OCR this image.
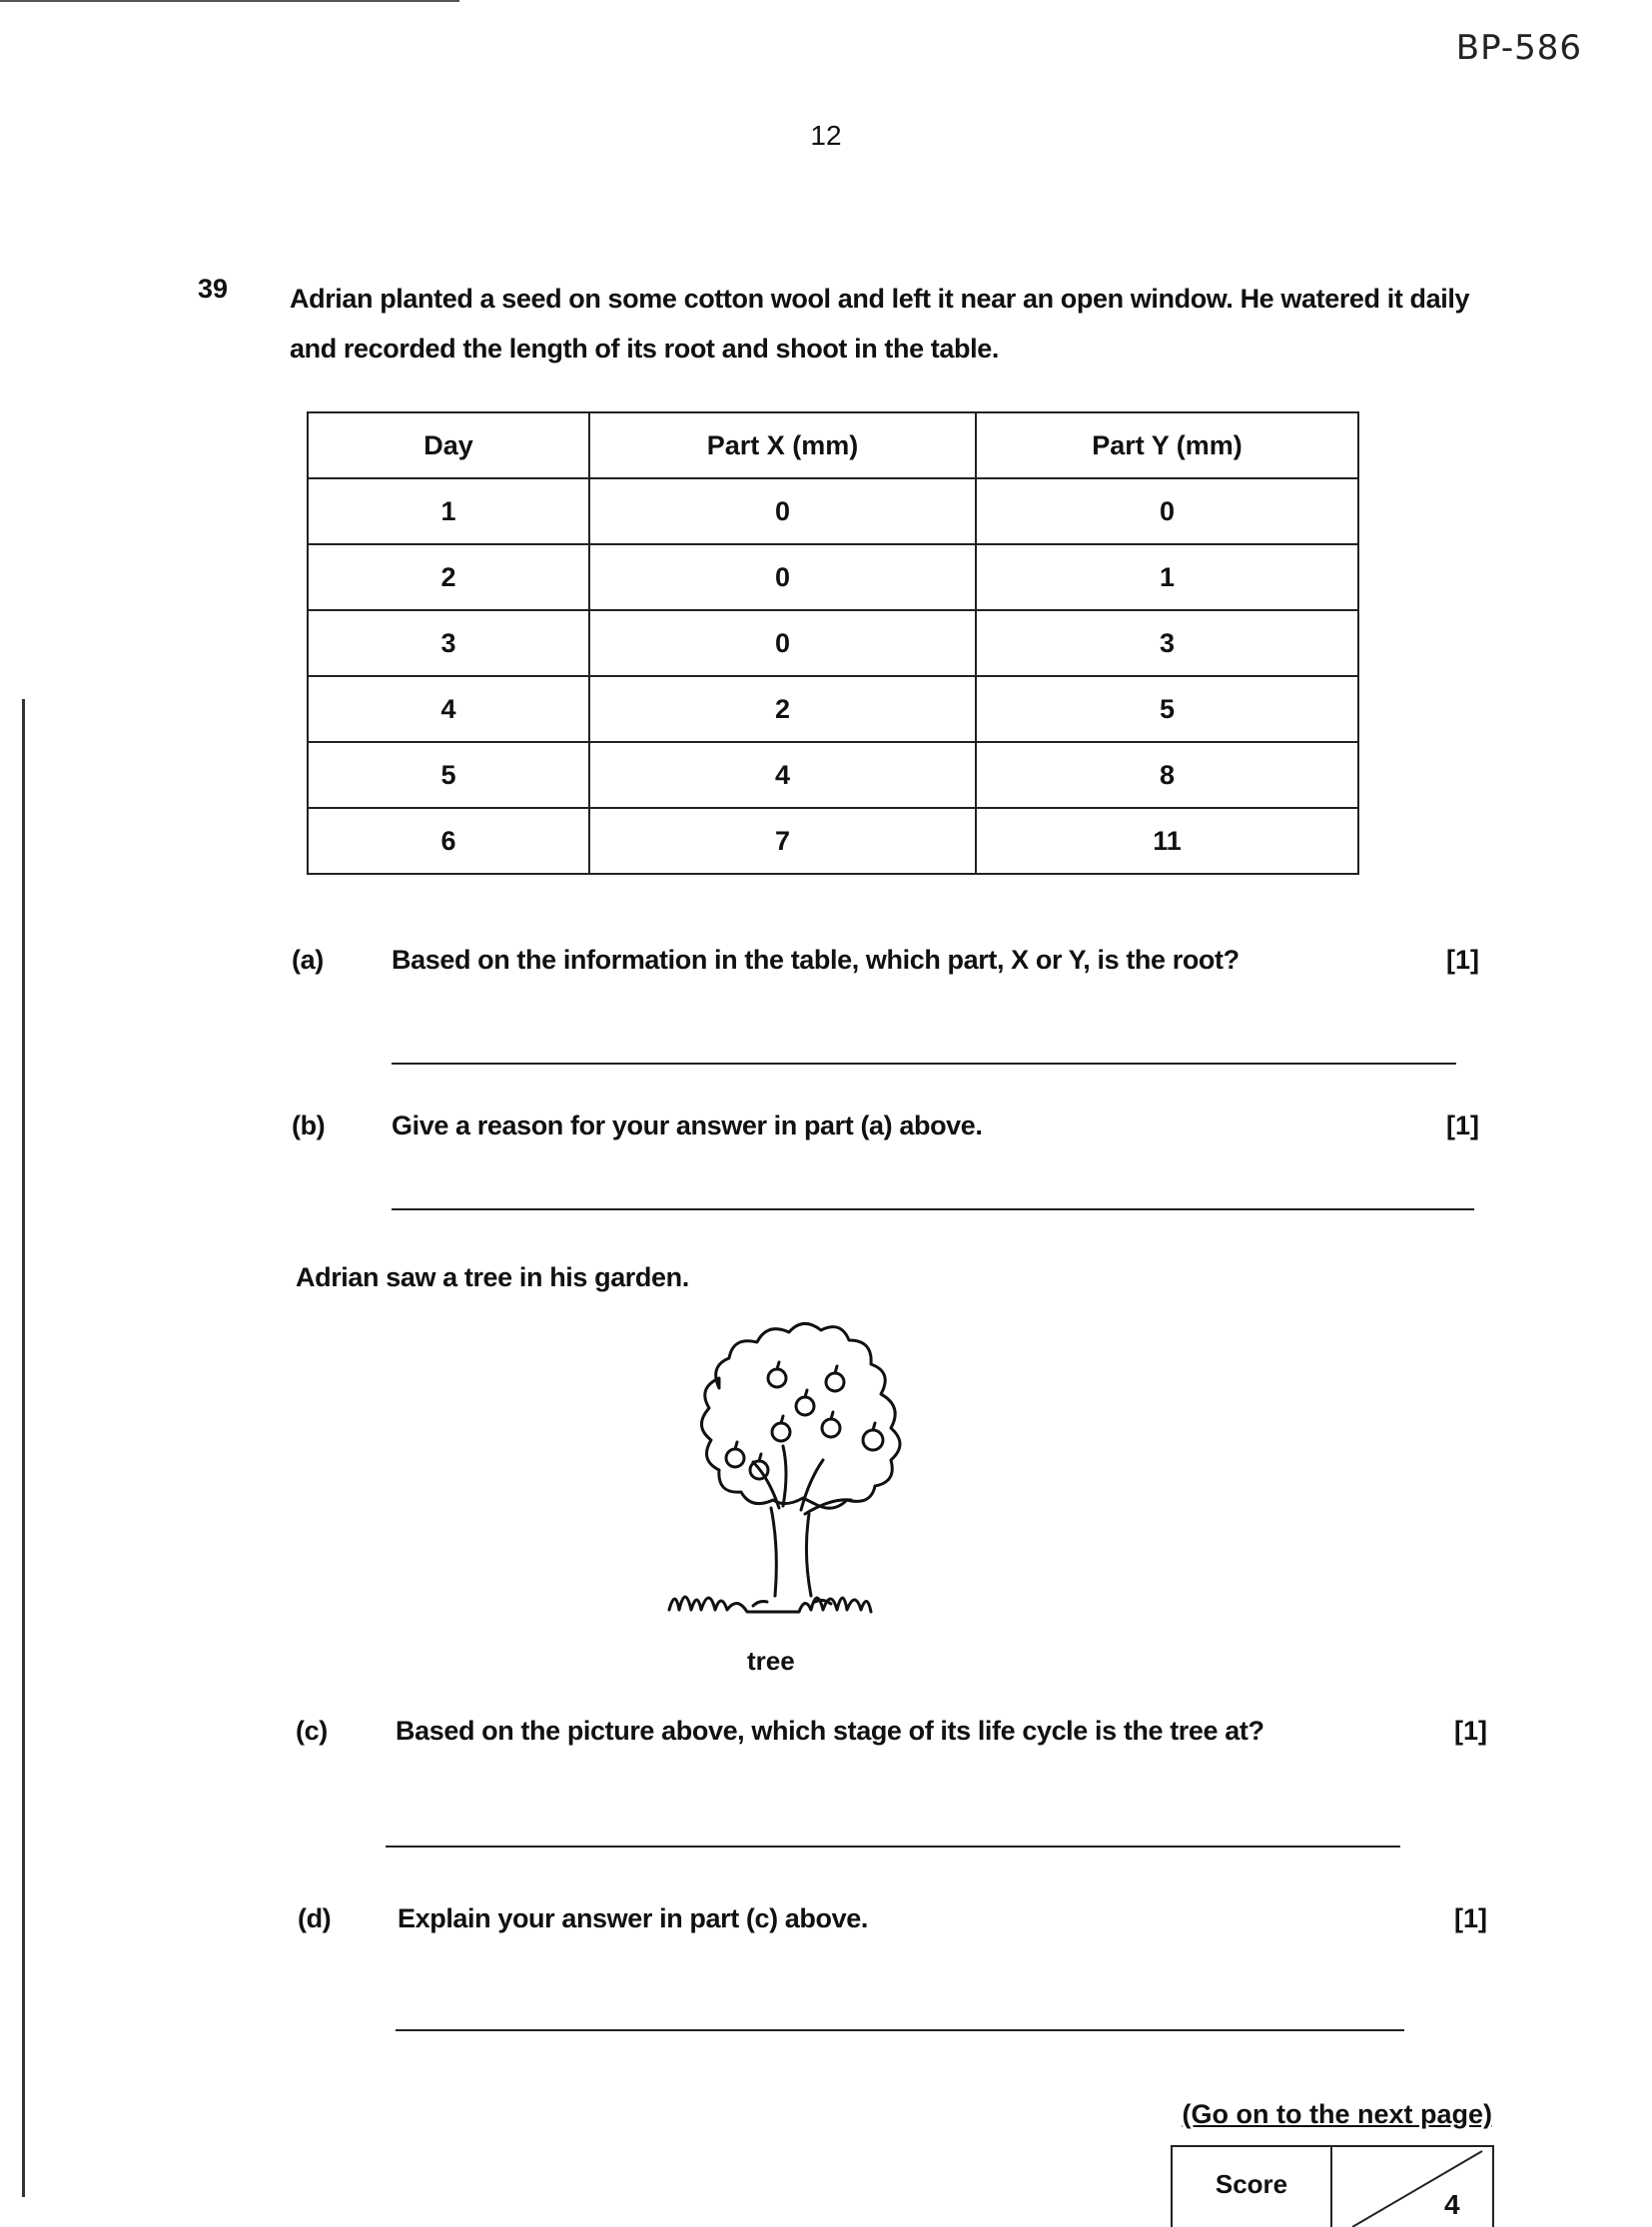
BP-586
12
39 Adrian planted a seed on some cotton wool and left it near an open window. He watered it daily and recorded the length of its root and shoot in the table.
Day	Part X (mm)	Part Y (mm)
1	0	0
2	0	1
3	0	3
4	2	5
5	4	8
6	7	11
(a)	Based on the information in the table, which part, X or Y, is the root?	[1]
(b) Give a reason for your answer in part (a) above.	[1]
Adrian saw a tree in his garden.
tree
(c)	Based on the picture above, which stage of its life cycle is the tree at?	[1]
(d) Explain your answer in part (c) above.	[1]
(Go on to the next page)
Score
4
